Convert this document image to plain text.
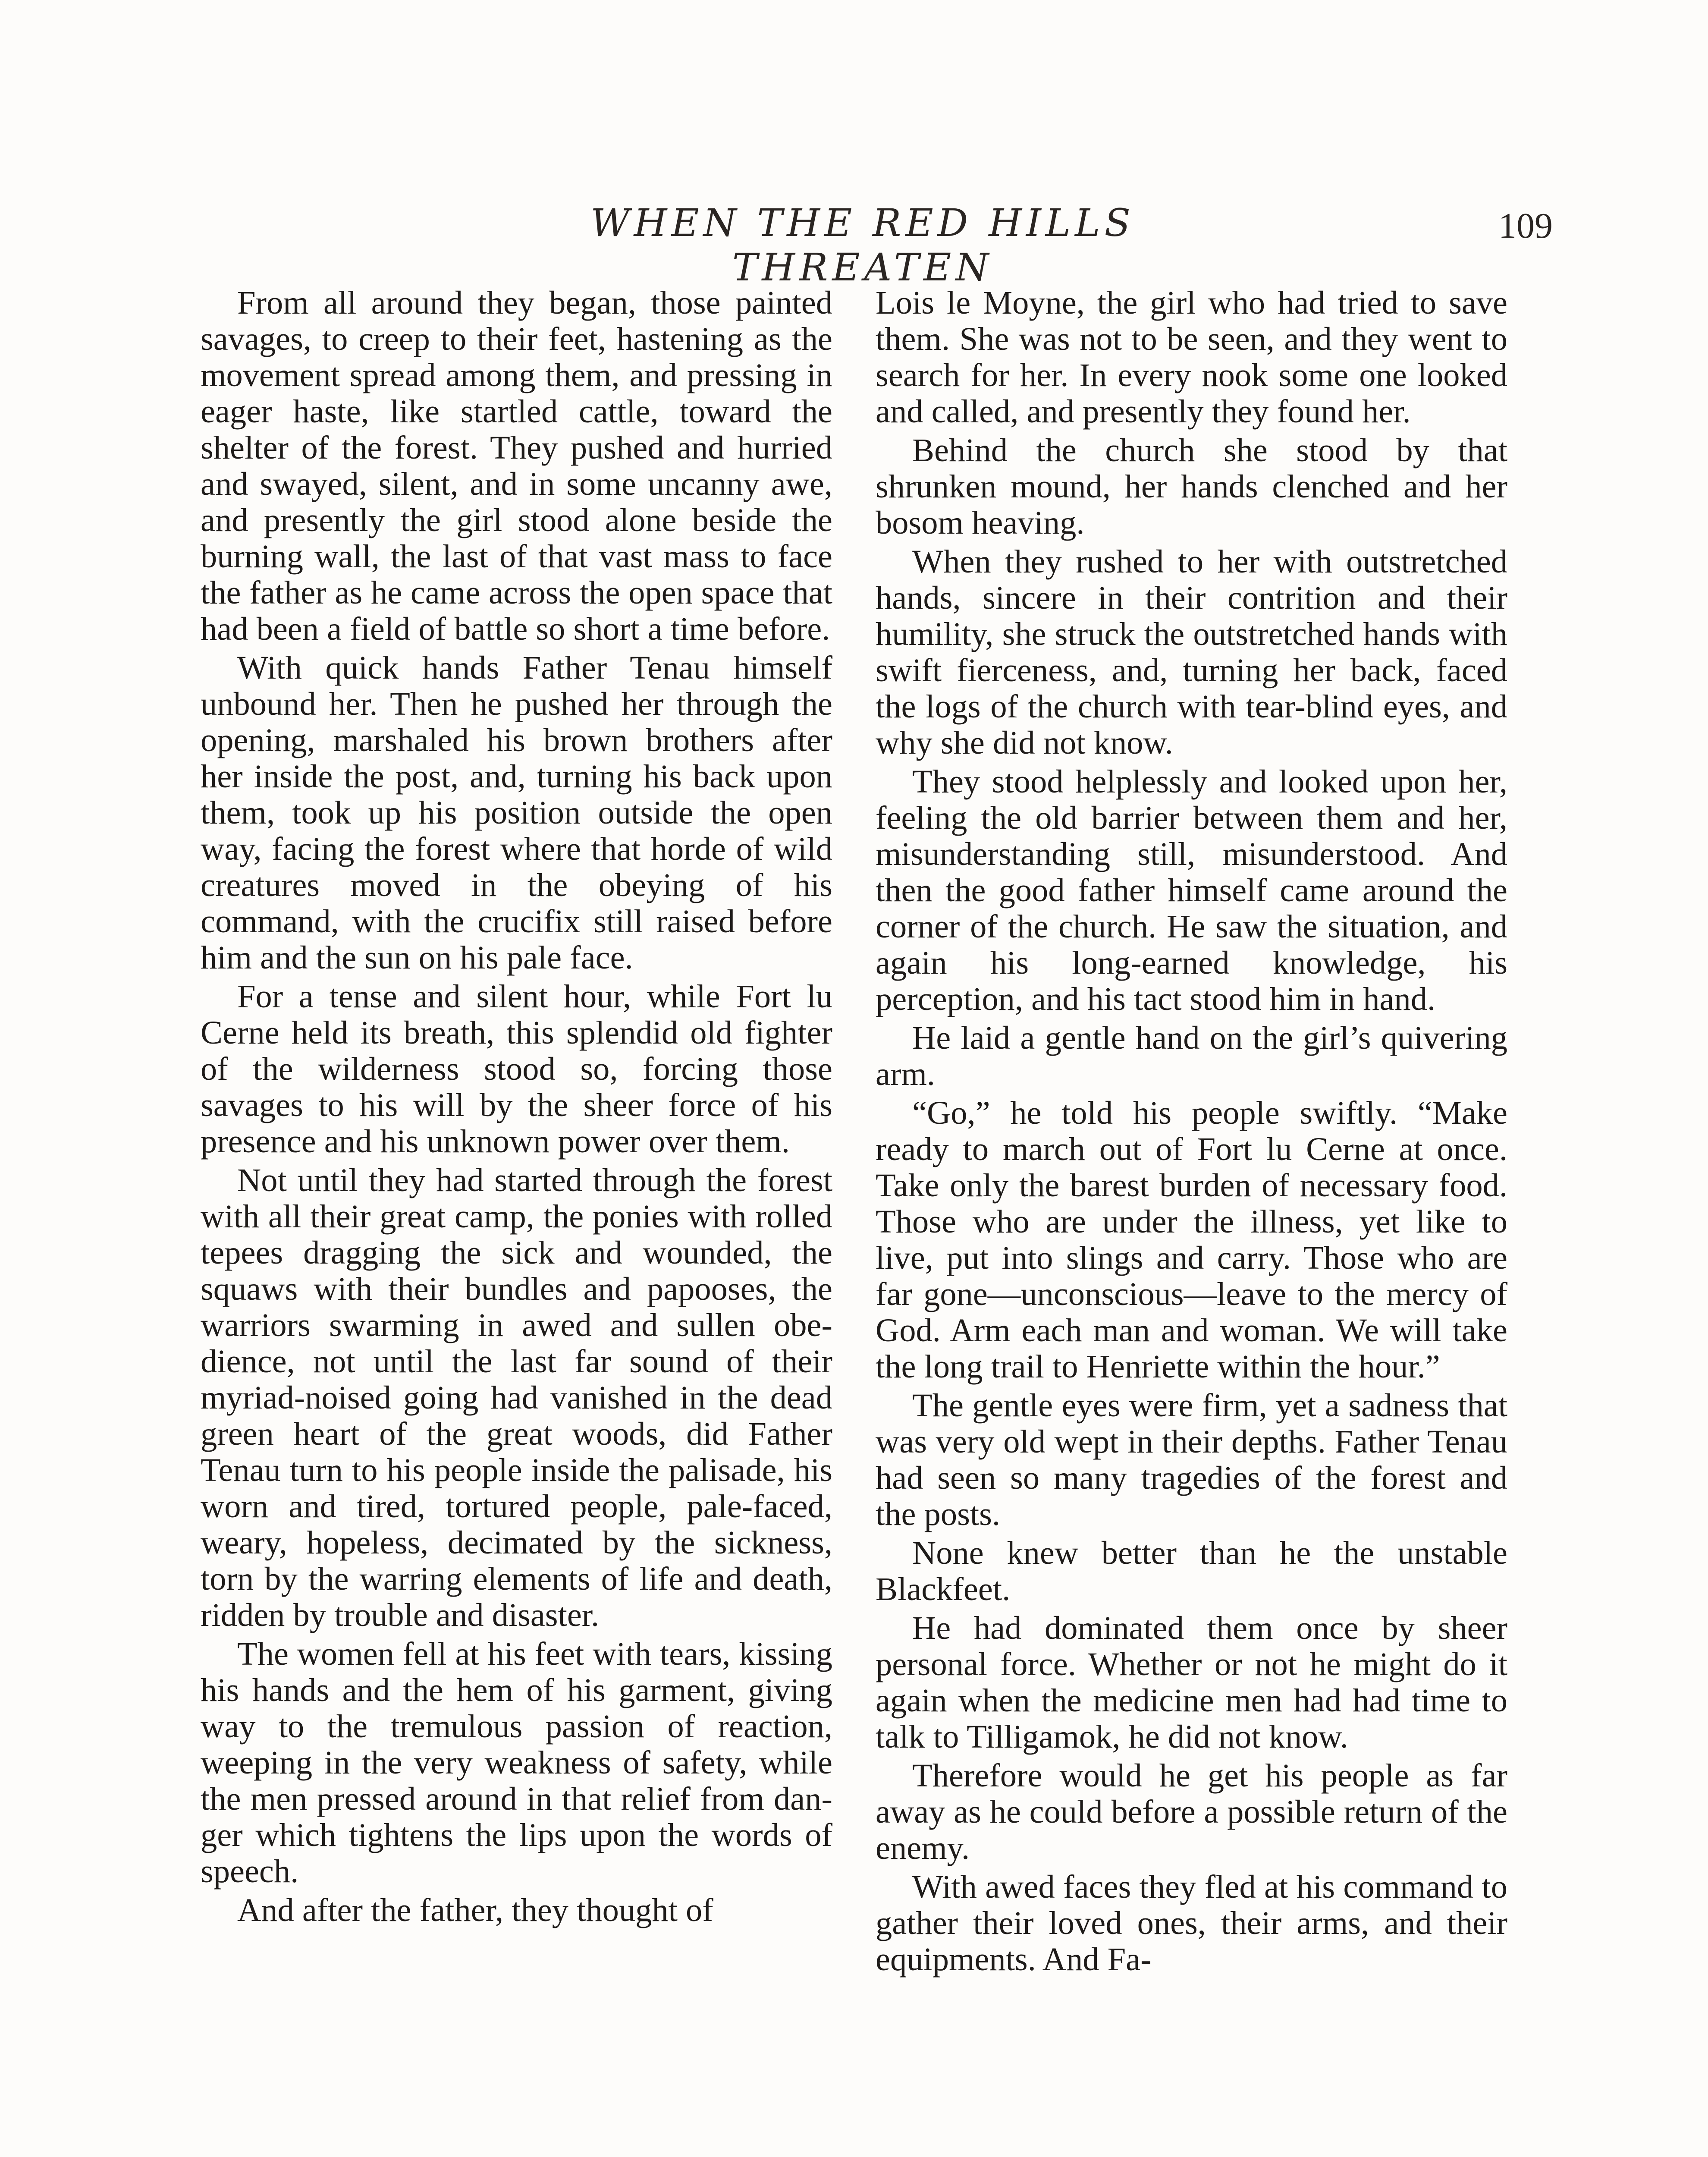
WHEN THE RED HILLS THREATEN
109

From all around they began, those painted savages, to creep to their feet, hastening as the movement spread among them, and pressing in eager haste, like startled cattle, toward the shelter of the forest. They pushed and hurried and swayed, silent, and in some uncanny awe, and presently the girl stood alone beside the burning wall, the last of that vast mass to face the father as he came across the open space that had been a field of battle so short a time before.

With quick hands Father Tenau himself unbound her. Then he pushed her through the opening, marshaled his brown brothers after her inside the post, and, turning his back upon them, took up his position outside the open way, facing the forest where that horde of wild creatures moved in the obeying of his command, with the crucifix still raised before him and the sun on his pale face.

For a tense and silent hour, while Fort lu Cerne held its breath, this splendid old fighter of the wilderness stood so, forcing those savages to his will by the sheer force of his presence and his unknown power over them.

Not until they had started through the forest with all their great camp, the ponies with rolled tepees dragging the sick and wounded, the squaws with their bundles and papooses, the warriors swarming in awed and sullen obedience, not until the last far sound of their myriad-noised going had vanished in the dead green heart of the great woods, did Father Tenau turn to his people inside the palisade, his worn and tired, tortured people, pale-faced, weary, hopeless, decimated by the sickness, torn by the warring elements of life and death, ridden by trouble and disaster.

The women fell at his feet with tears, kissing his hands and the hem of his garment, giving way to the tremulous passion of reaction, weeping in the very weakness of safety, while the men pressed around in that relief from danger which tightens the lips upon the words of speech.

And after the father, they thought of

Lois le Moyne, the girl who had tried to save them. She was not to be seen, and they went to search for her. In every nook some one looked and called, and presently they found her.

Behind the church she stood by that shrunken mound, her hands clenched and her bosom heaving.

When they rushed to her with outstretched hands, sincere in their contrition and their humility, she struck the outstretched hands with swift fierceness, and, turning her back, faced the logs of the church with tear-blind eyes, and why she did not know.

They stood helplessly and looked upon her, feeling the old barrier between them and her, misunderstanding still, misunderstood. And then the good father himself came around the corner of the church. He saw the situation, and again his long-earned knowledge, his perception, and his tact stood him in hand.

He laid a gentle hand on the girl’s quivering arm.

“Go,” he told his people swiftly. “Make ready to march out of Fort lu Cerne at once. Take only the barest burden of necessary food. Those who are under the illness, yet like to live, put into slings and carry. Those who are far gone—unconscious—leave to the mercy of God. Arm each man and woman. We will take the long trail to Henriette within the hour.”

The gentle eyes were firm, yet a sadness that was very old wept in their depths. Father Tenau had seen so many tragedies of the forest and the posts.

None knew better than he the unstable Blackfeet.

He had dominated them once by sheer personal force. Whether or not he might do it again when the medicine men had had time to talk to Tilligamok, he did not know.

Therefore would he get his people as far away as he could before a possible return of the enemy.

With awed faces they fled at his command to gather their loved ones, their arms, and their equipments. And Fa-
